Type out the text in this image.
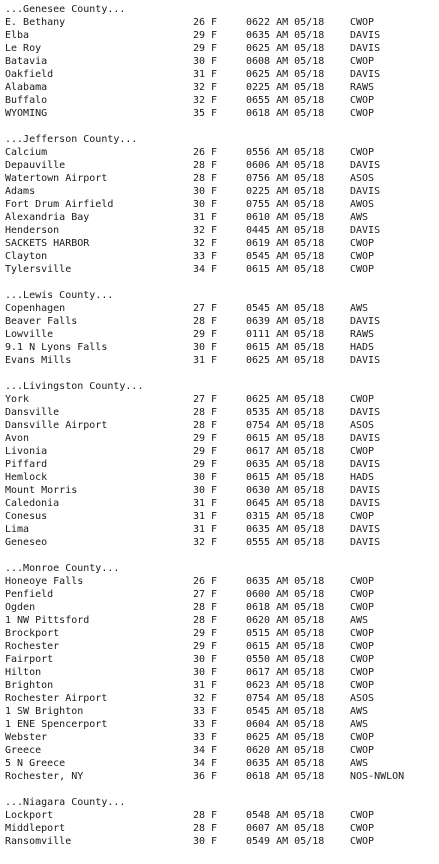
...Genesee County...
E. Bethany	26 F	0622 AM 05/18	CWOP
Elba	29 F	0635 AM 05/18	DAVIS
Le Roy	29 F	0625 AM 05/18	DAVIS
Batavia	30 F	0608 AM 05/18	CWOP
Oakfield	31 F	0625 AM 05/18	DAVIS
Alabama	32 F	0225 AM 05/18	RAWS
Buffalo	32 F	0655 AM 05/18	CWOP
WYOMING	35 F	0618 AM 05/18	CWOP
...Jefferson County...
Calcium	26 F	0556 AM 05/18	CWOP
Depauville	28 F	0606 AM 05/18	DAVIS
Watertown Airport	28 F	0756 AM 05/18	ASOS
Adams	30 F	0225 AM 05/18	DAVIS
Fort Drum Airfield	30 F	0755 AM 05/18	AWOS
Alexandria Bay	31 F	0610 AM 05/18	AWS
Henderson	32 F	0445 AM 05/18	DAVIS
SACKETS HARBOR	32 F	0619 AM 05/18	CWOP
Clayton	33 F	0545 AM 05/18	CWOP
Tylersville	34 F	0615 AM 05/18	CWOP
...Lewis County...
Copenhagen	27 F	0545 AM 05/18	AWS
Beaver Falls	28 F	0639 AM 05/18	DAVIS
Lowville	29 F	0111 AM 05/18	RAWS
9.1 N Lyons Falls	30 F	0615 AM 05/18	HADS
Evans Mills	31 F	0625 AM 05/18	DAVIS
...Livingston County...
York	27 F	0625 AM 05/18	CWOP
Dansville	28 F	0535 AM 05/18	DAVIS
Dansville Airport	28 F	0754 AM 05/18	ASOS
Avon	29 F	0615 AM 05/18	DAVIS
Livonia	29 F	0617 AM 05/18	CWOP
Piffard	29 F	0635 AM 05/18	DAVIS
Hemlock	30 F	0615 AM 05/18	HADS
Mount Morris	30 F	0630 AM 05/18	DAVIS
Caledonia	31 F	0645 AM 05/18	DAVIS
Conesus	31 F	0315 AM 05/18	CWOP
Lima	31 F	0635 AM 05/18	DAVIS
Geneseo	32 F	0555 AM 05/18	DAVIS
...Monroe County...
Honeoye Falls	26 F	0635 AM 05/18	CWOP
Penfield	27 F	0600 AM 05/18	CWOP
Ogden	28 F	0618 AM 05/18	CWOP
1 NW Pittsford	28 F	0620 AM 05/18	AWS
Brockport	29 F	0515 AM 05/18	CWOP
Rochester	29 F	0615 AM 05/18	CWOP
Fairport	30 F	0550 AM 05/18	CWOP
Hilton	30 F	0617 AM 05/18	CWOP
Brighton	31 F	0623 AM 05/18	CWOP
Rochester Airport	32 F	0754 AM 05/18	ASOS
1 SW Brighton	33 F	0545 AM 05/18	AWS
1 ENE Spencerport	33 F	0604 AM 05/18	AWS
Webster	33 F	0625 AM 05/18	CWOP
Greece	34 F	0620 AM 05/18	CWOP
5 N Greece	34 F	0635 AM 05/18	AWS
Rochester, NY	36 F	0618 AM 05/18	NOS-NWLON
...Niagara County...
Lockport	28 F	0548 AM 05/18	CWOP
Middleport	28 F	0607 AM 05/18	CWOP
Ransomville	30 F	0549 AM 05/18	CWOP
